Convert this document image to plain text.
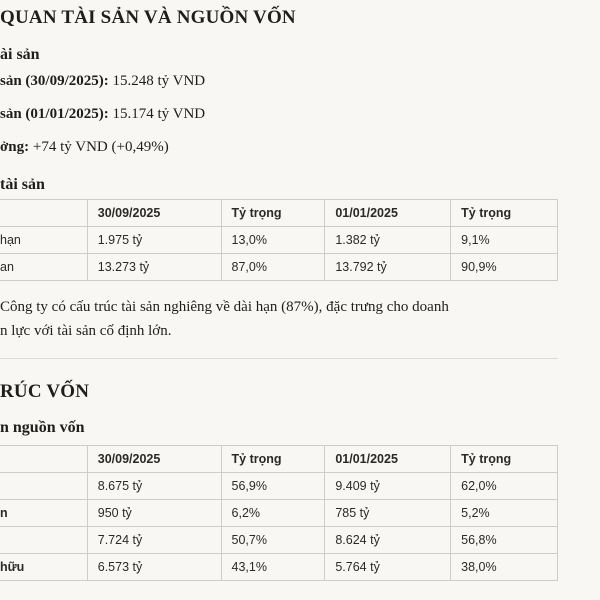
QUAN TÀI SẢN VÀ NGUỒN VỐN
ài sản
sản (30/09/2025): 15.248 tỷ VND
sản (01/01/2025): 15.174 tỷ VND
ởng: +74 tỷ VND (+0,49%)
tài sản
	30/09/2025	Tỷ trọng	01/01/2025	Tỷ trọng
hạn	1.975 tỷ	13,0%	1.382 tỷ	9,1%
an	13.273 tỷ	87,0%	13.792 tỷ	90,9%
Công ty có cấu trúc tài sản nghiêng về dài hạn (87%), đặc trưng cho doanh
n lực với tài sản cố định lớn.
RÚC VỐN
n nguồn vốn
	30/09/2025	Tỷ trọng	01/01/2025	Tỷ trọng
	8.675 tỷ	56,9%	9.409 tỷ	62,0%
n	950 tỷ	6,2%	785 tỷ	5,2%
	7.724 tỷ	50,7%	8.624 tỷ	56,8%
hữu	6.573 tỷ	43,1%	5.764 tỷ	38,0%
